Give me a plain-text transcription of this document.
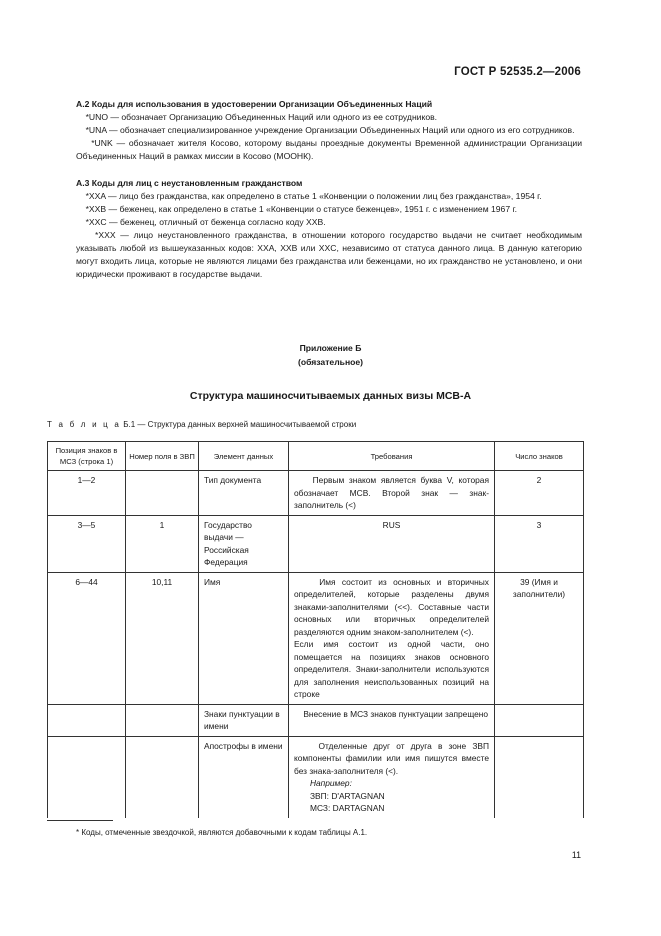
ГОСТ Р 52535.2—2006

А.2 Коды для использования в удостоверении Организации Объединенных Наций

*UNO — обозначает Организацию Объединенных Наций или одного из ее сотрудников.

*UNA — обозначает специализированное учреждение Организации Объединенных Наций или одного из его сотрудников.

*UNK — обозначает жителя Косово, которому выданы проездные документы Временной администрации Организации Объединенных Наций в рамках миссии в Косово (МООНК).

А.3 Коды для лиц с неустановленным гражданством

*XXA — лицо без гражданства, как определено в статье 1 «Конвенции о положении лиц без гражданства», 1954 г.

*XXB — беженец, как определено в статье 1 «Конвенции о статусе беженцев», 1951 г. с изменением 1967 г.

*XXC — беженец, отличный от беженца согласно коду XXB.

*XXX — лицо неустановленного гражданства, в отношении которого государство выдачи не считает необходимым указывать любой из вышеуказанных кодов: XXA, XXB или XXC, независимо от статуса данного лица. В данную категорию могут входить лица, которые не являются лицами без гражданства или беженцами, но их гражданство не установлено, и они юридически проживают в государстве выдачи.

Приложение Б
(обязательное)
Структура машиносчитываемых данных визы МСВ-А
Т а б л и ц а Б.1 — Структура данных верхней машиносчитываемой строки
Позиция знаков в МСЗ (строка 1)	Номер поля в ЗВП	Элемент данных	Требования	Число знаков
1—2		Тип документа	Первым знаком является буква V, которая обозначает МСВ. Второй знак — знак-заполнитель (<)	2
3—5	1	Государство выдачи — Российская Федерация	RUS	3
6—44	10,11	Имя	Имя состоит из основных и вторичных определителей, которые разделены двумя знаками-заполнителями (<<). Составные части основных или вторичных определителей разделяются одним знаком-заполнителем (<).
Если имя состоит из одной части, оно помещается на позициях знаков основного определителя. Знаки-заполнители используются для заполнения неиспользованных позиций на строке	39 (Имя и заполнители)
		Знаки пунктуации в имени	Внесение в МСЗ знаков пунктуации запрещено	
		Апострофы в имени	Отделенные друг от друга в зоне ЗВП компоненты фамилии или имя пишутся вместе без знака-заполнителя (<).
Например:
ЗВП: D'ARTAGNAN
МСЗ: DARTAGNAN	

* Коды, отмеченные звездочкой, являются добавочными к кодам таблицы А.1.
11
